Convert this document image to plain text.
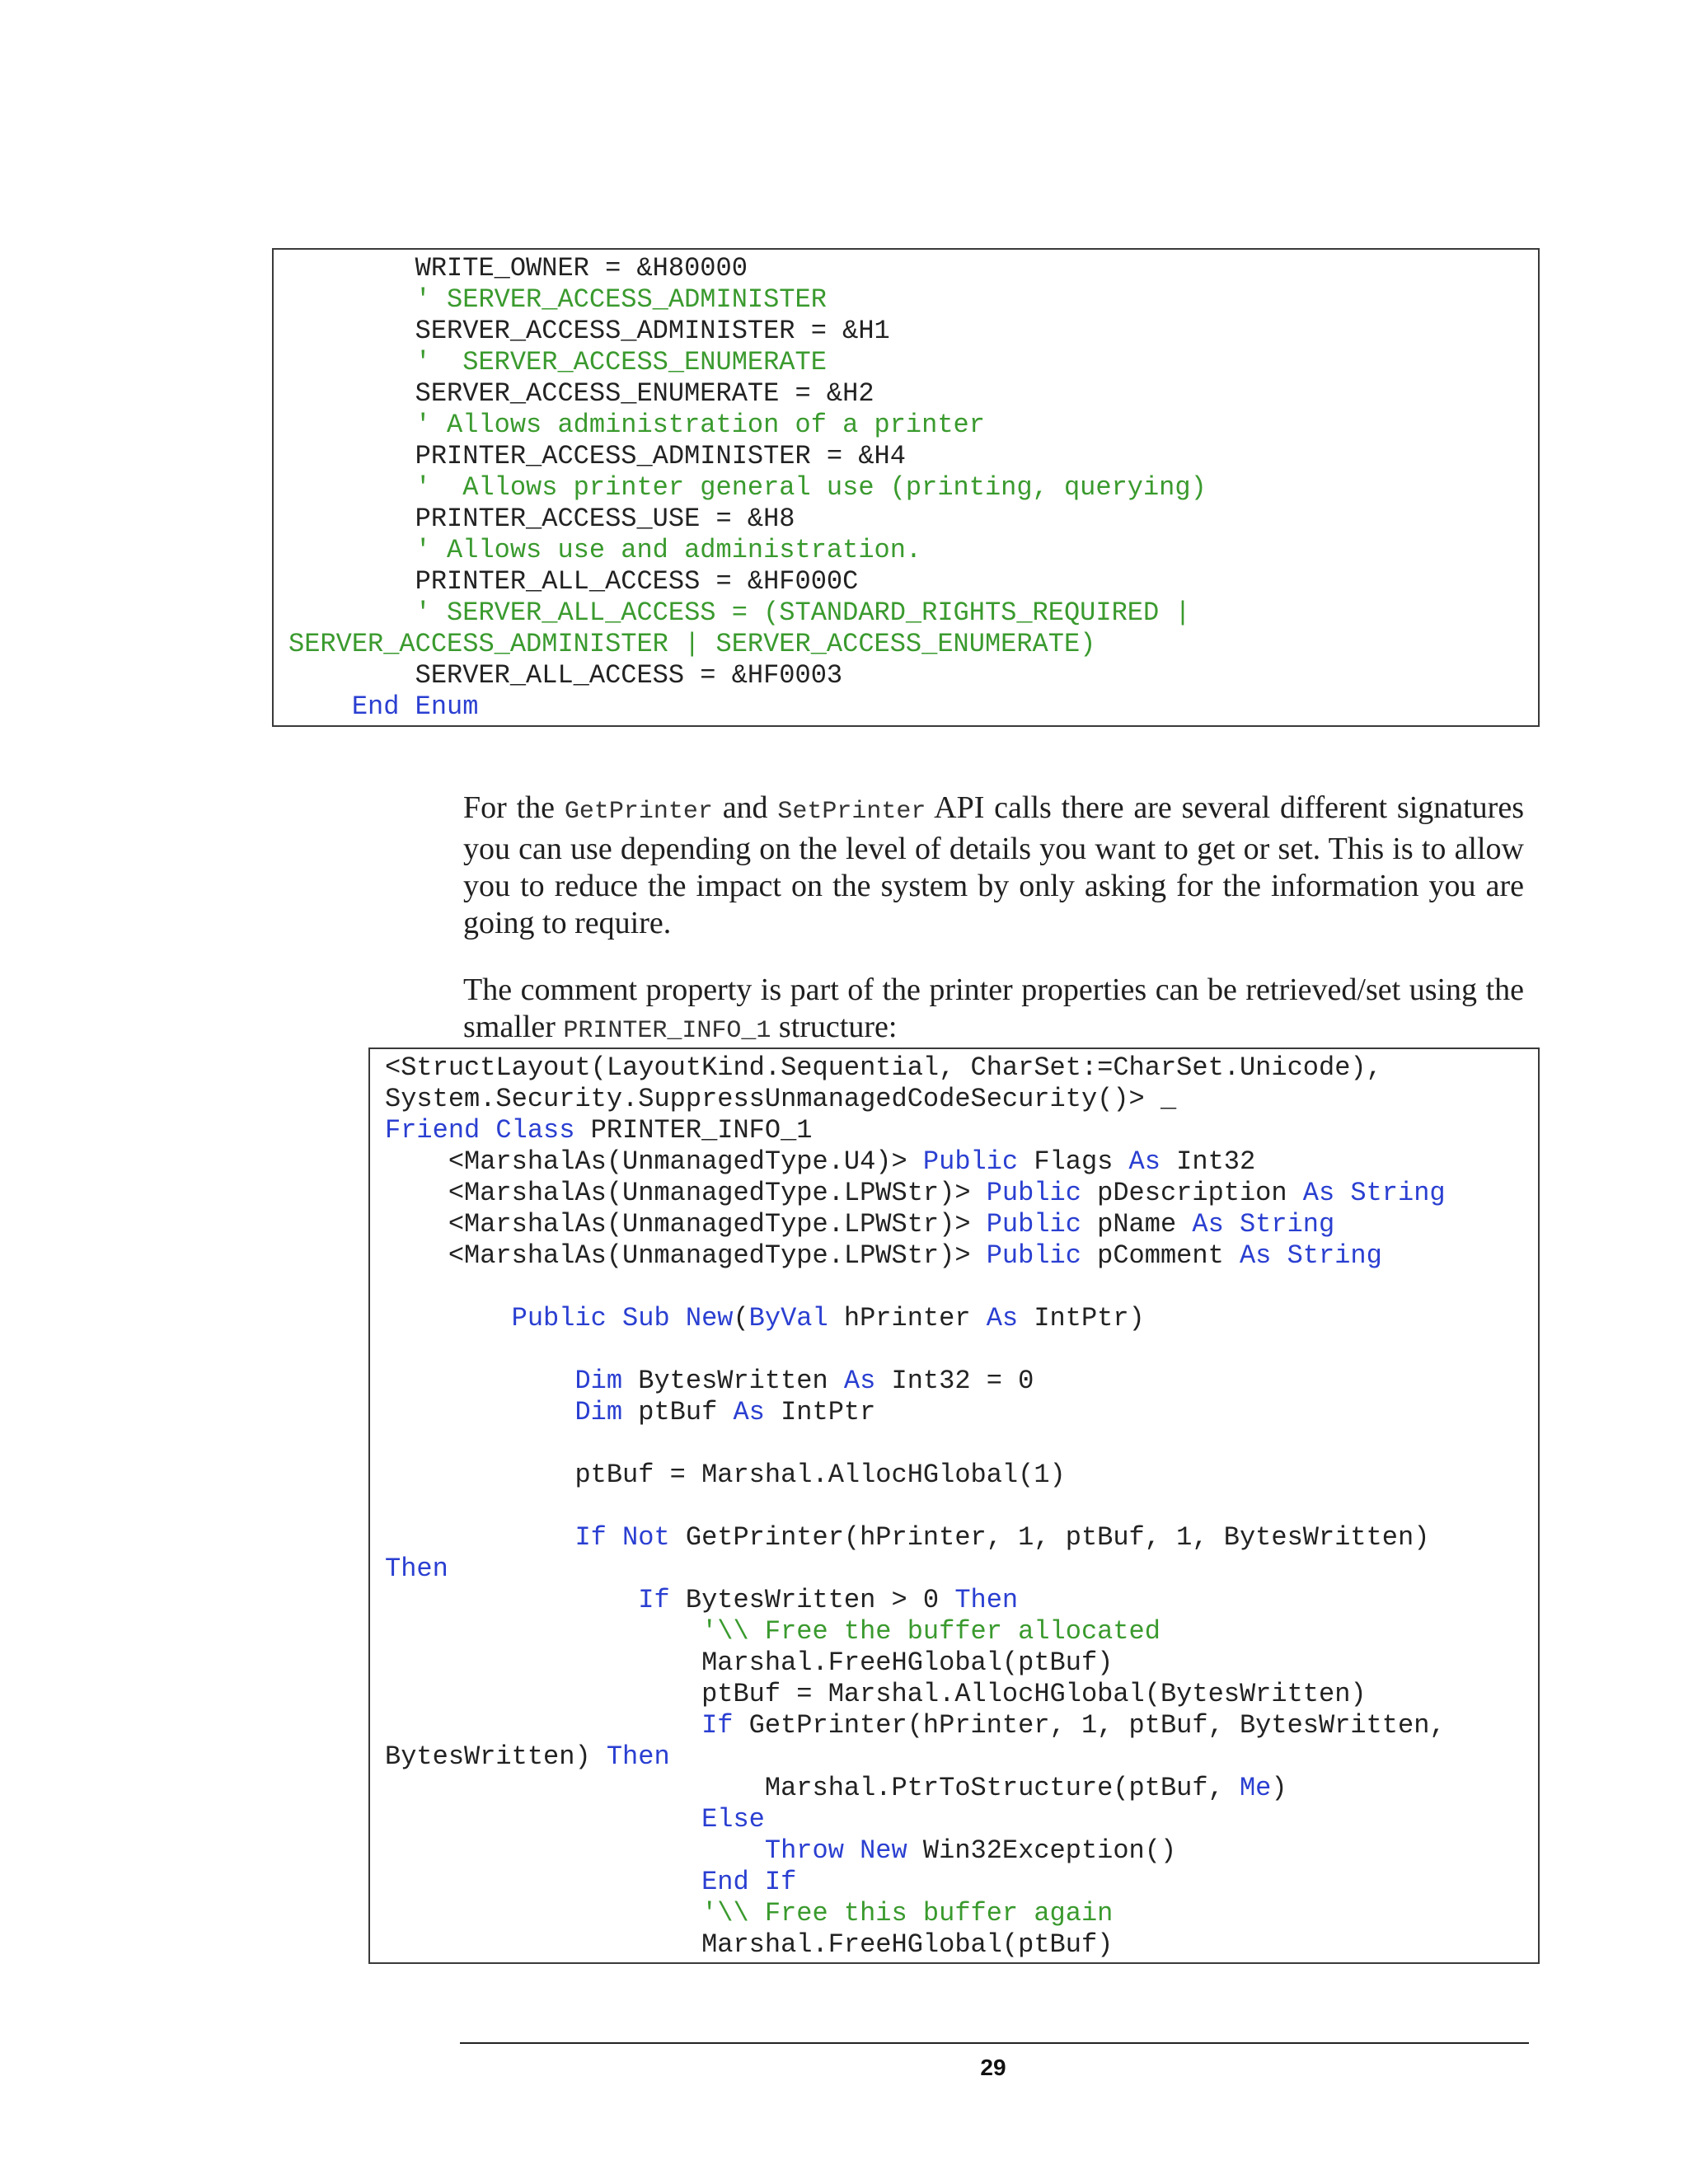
WRITE_OWNER = &H80000
' SERVER_ACCESS_ADMINISTER
SERVER_ACCESS_ADMINISTER = &H1
'  SERVER_ACCESS_ENUMERATE
SERVER_ACCESS_ENUMERATE = &H2
' Allows administration of a printer
PRINTER_ACCESS_ADMINISTER = &H4
'  Allows printer general use (printing, querying)
PRINTER_ACCESS_USE = &H8
' Allows use and administration.
PRINTER_ALL_ACCESS = &HF000C
' SERVER_ALL_ACCESS = (STANDARD_RIGHTS_REQUIRED |
SERVER_ACCESS_ADMINISTER | SERVER_ACCESS_ENUMERATE)
SERVER_ALL_ACCESS = &HF0003
End Enum

For the GetPrinter and SetPrinter API calls there are several different signatures you can use depending on the level of details you want to get or set. This is to allow you to reduce the impact on the system by only asking for the information you are going to require.

The comment property is part of the printer properties can be retrieved/set using the smaller PRINTER_INFO_1 structure:

<StructLayout(LayoutKind.Sequential, CharSet:=CharSet.Unicode),
System.Security.SuppressUnmanagedCodeSecurity()> _
Friend Class PRINTER_INFO_1
<MarshalAs(UnmanagedType.U4)> Public Flags As Int32
<MarshalAs(UnmanagedType.LPWStr)> Public pDescription As String
<MarshalAs(UnmanagedType.LPWStr)> Public pName As String
<MarshalAs(UnmanagedType.LPWStr)> Public pComment As String
Public Sub New(ByVal hPrinter As IntPtr)
Dim BytesWritten As Int32 = 0
Dim ptBuf As IntPtr
ptBuf = Marshal.AllocHGlobal(1)
If Not GetPrinter(hPrinter, 1, ptBuf, 1, BytesWritten)
Then
If BytesWritten > 0 Then
'\\ Free the buffer allocated
Marshal.FreeHGlobal(ptBuf)
ptBuf = Marshal.AllocHGlobal(BytesWritten)
If GetPrinter(hPrinter, 1, ptBuf, BytesWritten,
BytesWritten) Then
Marshal.PtrToStructure(ptBuf, Me)
Else
Throw New Win32Exception()
End If
'\\ Free this buffer again
Marshal.FreeHGlobal(ptBuf)
29
